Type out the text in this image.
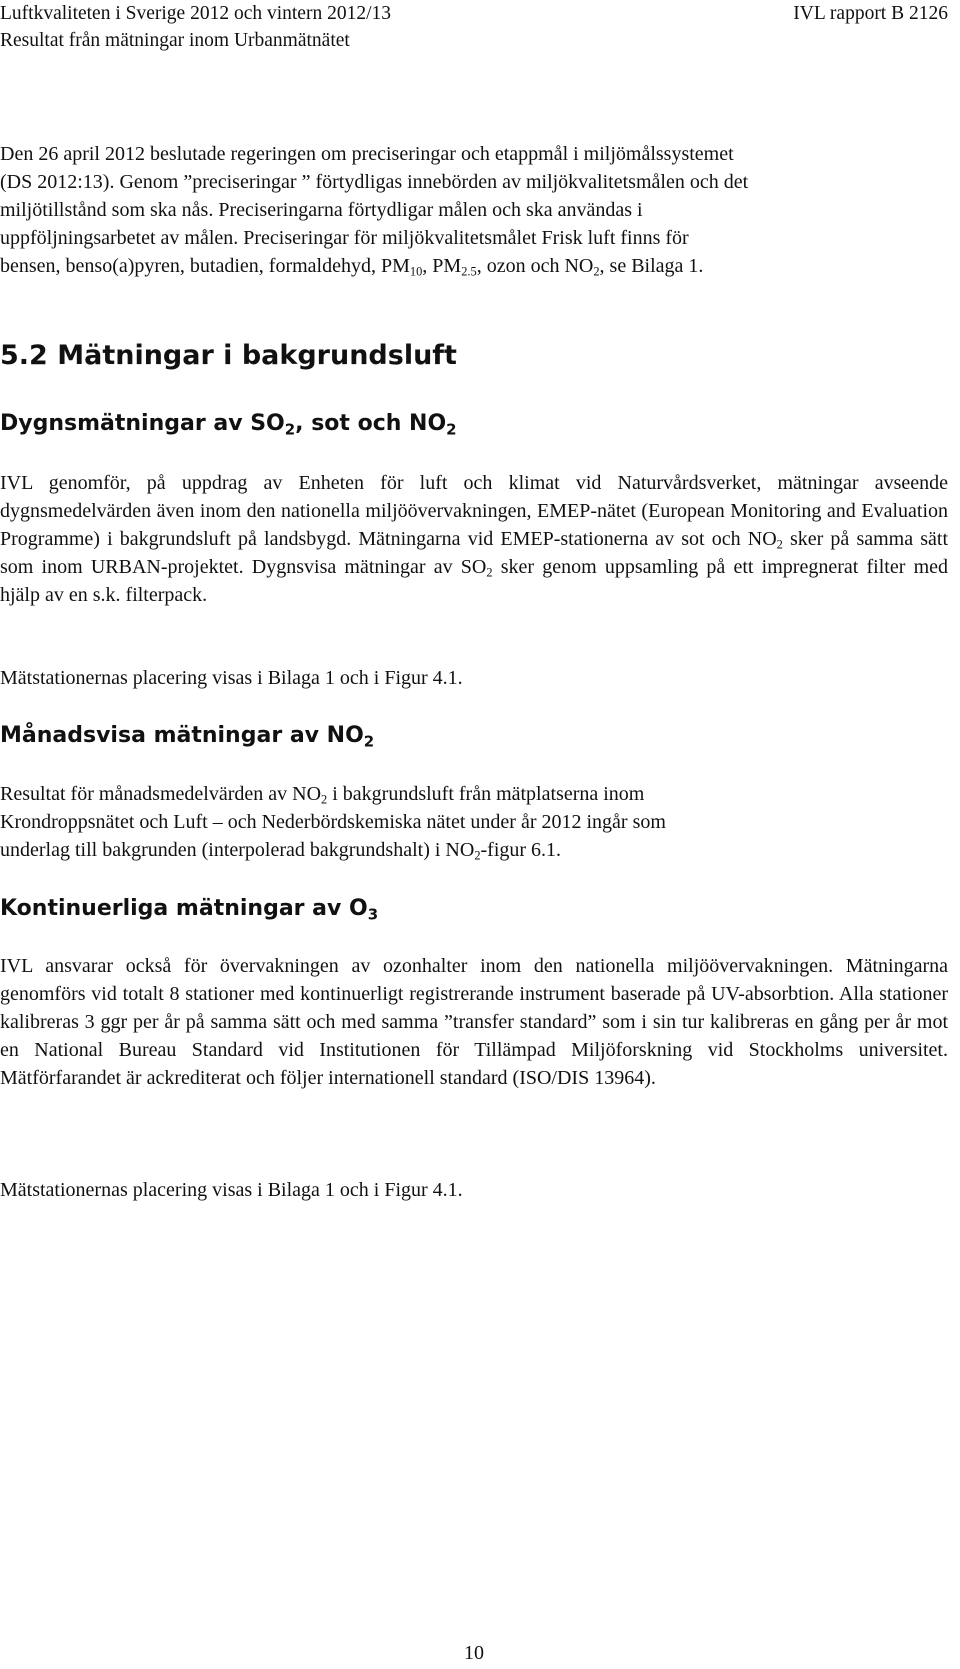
Luftkvaliteten i Sverige 2012 och vintern 2012/13	IVL rapport B 2126
Resultat från mätningar inom Urbanmätnätet

Den 26 april 2012 beslutade regeringen om preciseringar och etappmål i miljömålssystemet

(DS 2012:13). Genom ”preciseringar ” förtydligas innebörden av miljökvalitetsmålen och det

miljötillstånd som ska nås. Preciseringarna förtydligar målen och ska användas i

uppföljningsarbetet av målen. Preciseringar för miljökvalitetsmålet Frisk luft finns för

bensen, benso(a)pyren, butadien, formaldehyd, $PM_{10}$, $PM_{2.5}$, ozon och $NO_2$, se Bilaga 1.

5.2 Mätningar i bakgrundsluft
Dygnsmätningar av $SO_2$, sot och $NO_2$

IVL genomför, på uppdrag av Enheten för luft och klimat vid Naturvårdsverket, mätningar avseende dygnsmedelvärden även inom den nationella miljöövervakningen, EMEP-nätet (European Monitoring and Evaluation Programme) i bakgrundsluft på landsbygd. Mätningarna vid EMEP-stationerna av sot och $NO_2$ sker på samma sätt som inom URBAN-projektet. Dygnsvisa mätningar av $SO_2$ sker genom uppsamling på ett impregnerat filter med hjälp av en s.k. filterpack.

Mätstationernas placering visas i Bilaga 1 och i Figur 4.1.

Månadsvisa mätningar av $NO_2$

Resultat för månadsmedelvärden av $NO_2$ i bakgrundsluft från mätplatserna inom

Krondroppsnätet och Luft – och Nederbördskemiska nätet under år 2012 ingår som

underlag till bakgrunden (interpolerad bakgrundshalt) i $NO_2$-figur 6.1.

Kontinuerliga mätningar av $O_3$

IVL ansvarar också för övervakningen av ozonhalter inom den nationella miljöövervakningen. Mätningarna genomförs vid totalt 8 stationer med kontinuerligt registrerande instrument baserade på UV-absorbtion. Alla stationer kalibreras 3 ggr per år på samma sätt och med samma ”transfer standard” som i sin tur kalibreras en gång per år mot en National Bureau Standard vid Institutionen för Tillämpad Miljöforskning vid Stockholms universitet. Mätförfarandet är ackrediterat och följer internationell standard (ISO/DIS 13964).

Mätstationernas placering visas i Bilaga 1 och i Figur 4.1.

10
